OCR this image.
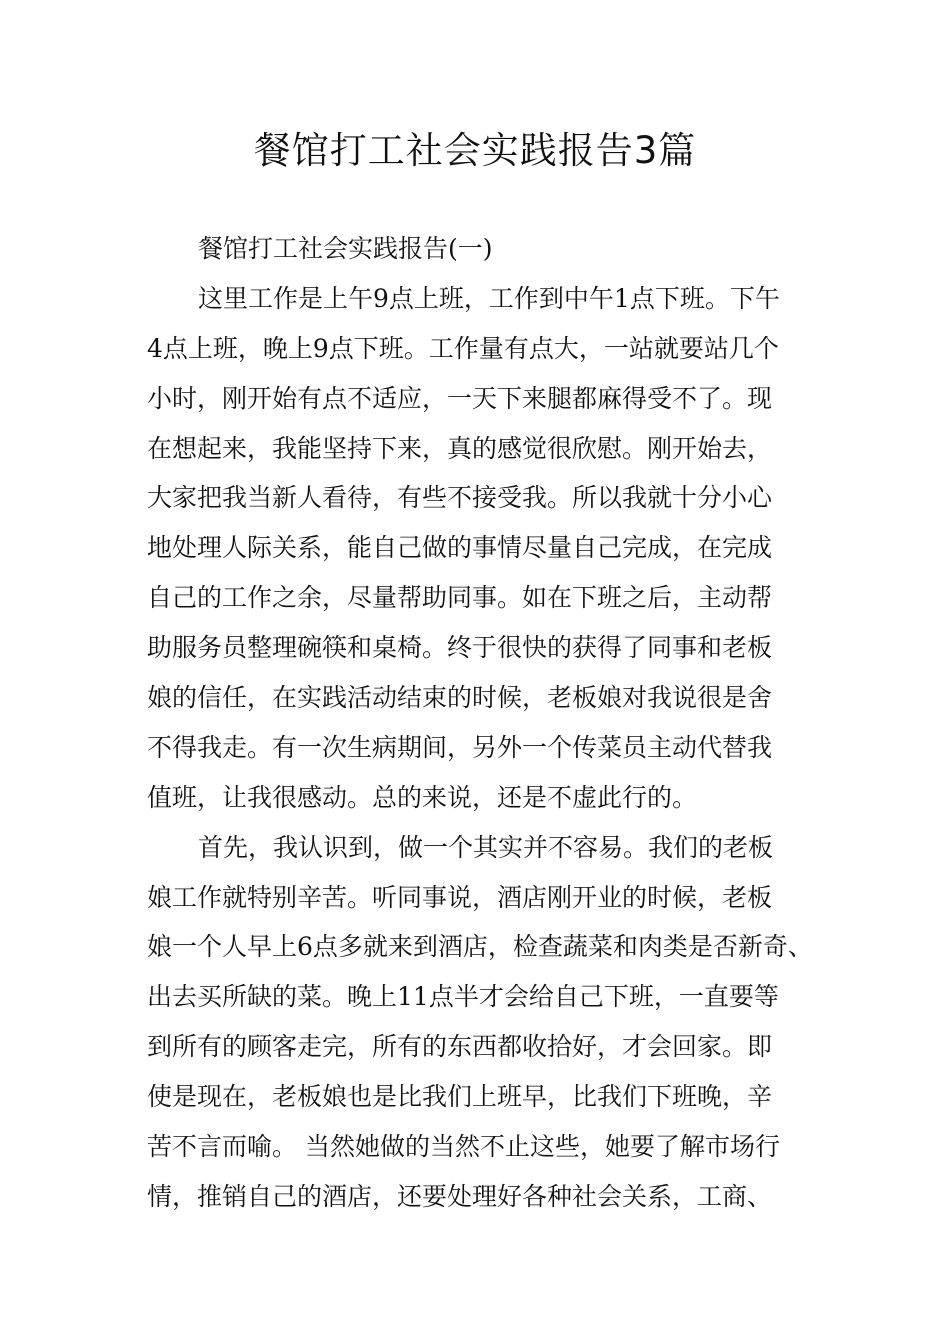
餐馆打工社会实践报告3篇
餐馆打工社会实践报告(一)
这里工作是上午9点上班，工作到中午1点下班。下午
4点上班，晚上9点下班。工作量有点大，一站就要站几个
小时，刚开始有点不适应，一天下来腿都麻得受不了。现
在想起来，我能坚持下来，真的感觉很欣慰。刚开始去，
大家把我当新人看待，有些不接受我。所以我就十分小心
地处理人际关系，能自己做的事情尽量自己完成，在完成
自己的工作之余，尽量帮助同事。如在下班之后，主动帮
助服务员整理碗筷和桌椅。终于很快的获得了同事和老板
娘的信任，在实践活动结束的时候，老板娘对我说很是舍
不得我走。有一次生病期间，另外一个传菜员主动代替我
值班，让我很感动。总的来说，还是不虚此行的。
首先，我认识到，做一个其实并不容易。我们的老板
娘工作就特别辛苦。听同事说，酒店刚开业的时候，老板
娘一个人早上6点多就来到酒店，检查蔬菜和肉类是否新奇、
出去买所缺的菜。晚上11点半才会给自己下班，一直要等
到所有的顾客走完，所有的东西都收拾好，才会回家。即
使是现在，老板娘也是比我们上班早，比我们下班晚，辛
苦不言而喻。 当然她做的当然不止这些，她要了解市场行
情，推销自己的酒店，还要处理好各种社会关系，工商、
